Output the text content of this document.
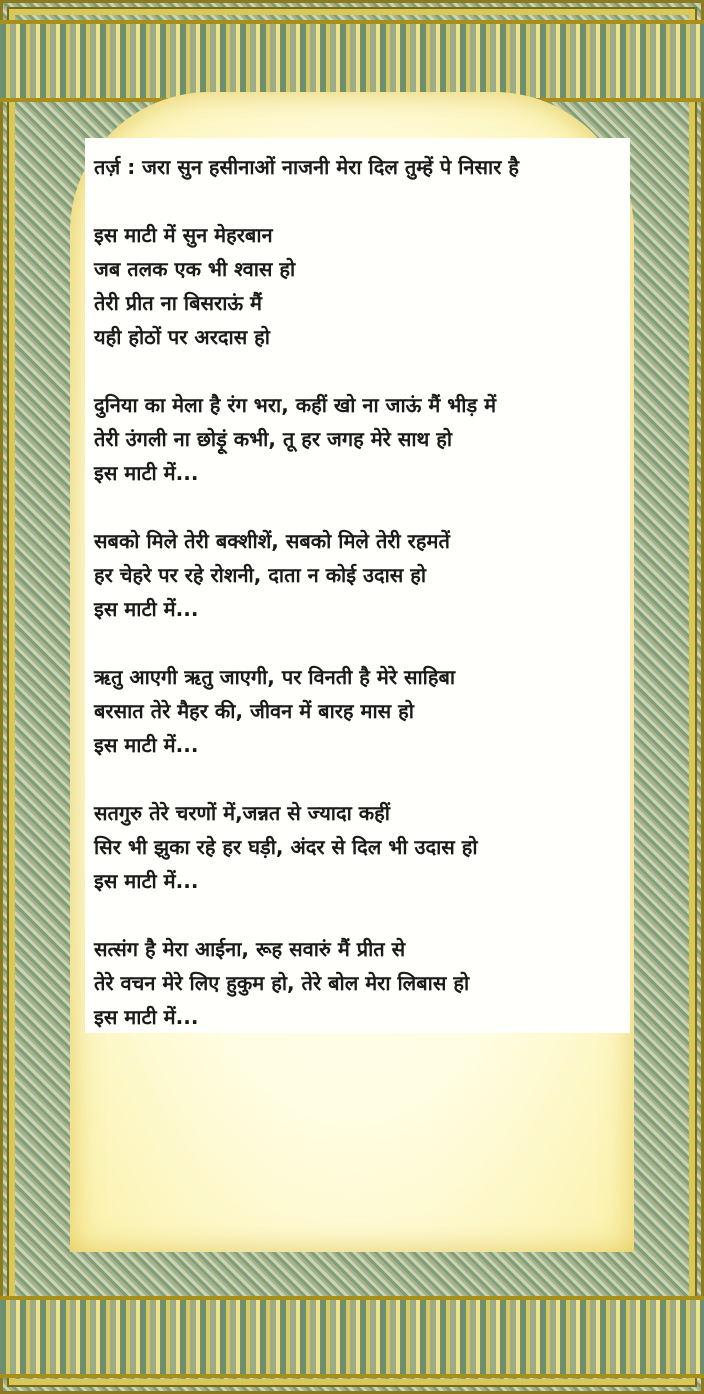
तर्ज़ : जरा सुन हसीनाओं नाजनी मेरा दिल तुम्हें पे निसार है
इस माटी में सुन मेहरबान
जब तलक एक भी श्वास हो
तेरी प्रीत ना बिसराऊं मैं
यही होठों पर अरदास हो
दुनिया का मेला है रंग भरा, कहीं खो ना जाऊं मैं भीड़ में
तेरी उंगली ना छोड़ूं कभी, तू हर जगह मेरे साथ हो
इस माटी में...
सबको मिले तेरी बक्शीशें, सबको मिले तेरी रहमतें
हर चेहरे पर रहे रोशनी, दाता न कोई उदास हो
इस माटी में...
ऋतु आएगी ऋतु जाएगी, पर विनती है मेरे साहिबा
बरसात तेरे मैहर की, जीवन में बारह मास हो
इस माटी में...
सतगुरु तेरे चरणों में,जन्नत से ज्यादा कहीं
सिर भी झुका रहे हर घड़ी, अंदर से दिल भी उदास हो
इस माटी में...
सत्संग है मेरा आईना, रूह सवारुं मैं प्रीत से
तेरे वचन मेरे लिए हुकुम हो, तेरे बोल मेरा लिबास हो
इस माटी में...
